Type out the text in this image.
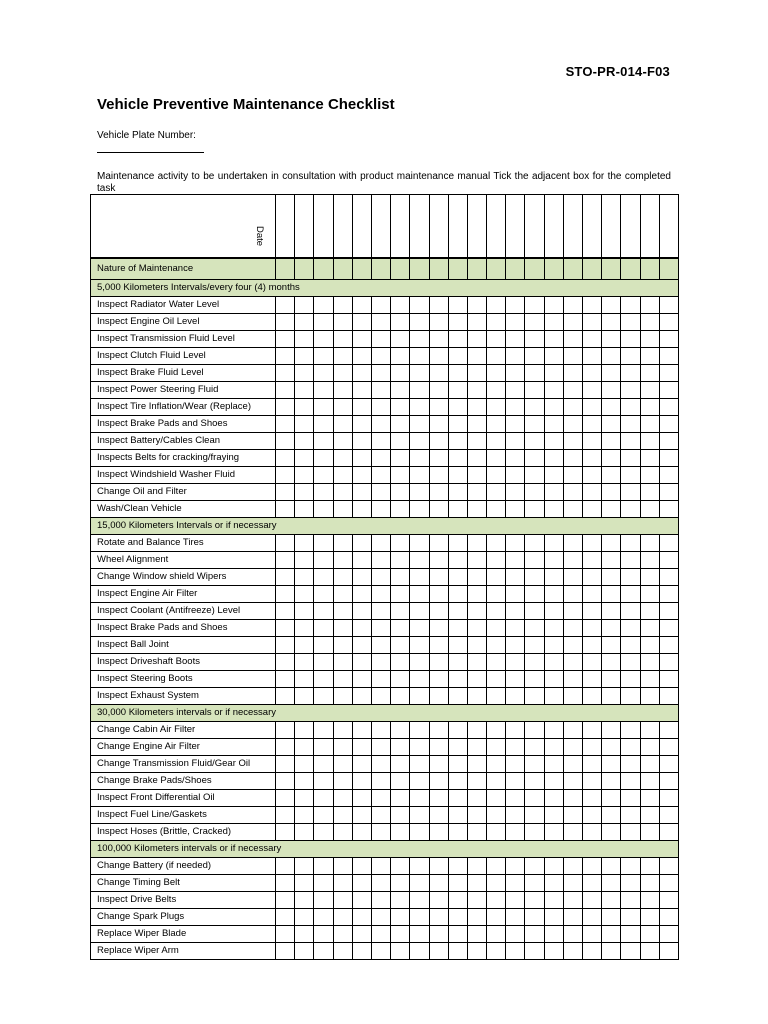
STO-PR-014-F03
Vehicle Preventive Maintenance Checklist
Vehicle Plate Number:
Maintenance activity to be undertaken in consultation with product maintenance manual Tick the adjacent box for the completed task
Date																					

Nature of Maintenance																					
5,000 Kilometers Intervals/every four (4) months																					
Inspect Radiator Water Level																					
Inspect Engine Oil Level																					
Inspect Transmission Fluid Level																					
Inspect Clutch Fluid Level																					
Inspect Brake Fluid Level																					
Inspect Power Steering Fluid																					
Inspect Tire Inflation/Wear (Replace)																					
Inspect Brake Pads and Shoes																					
Inspect Battery/Cables Clean																					
Inspects Belts for cracking/fraying																					
Inspect Windshield Washer Fluid																					
Change Oil and Filter																					
Wash/Clean Vehicle																					
15,000 Kilometers Intervals or if necessary																					
Rotate and Balance Tires																					
Wheel Alignment																					
Change Window shield Wipers																					
Inspect Engine Air Filter																					
Inspect Coolant (Antifreeze) Level																					
Inspect Brake Pads and Shoes																					
Inspect Ball Joint																					
Inspect Driveshaft Boots																					
Inspect Steering Boots																					
Inspect Exhaust System																					
30,000 Kilometers intervals or if necessary																					
Change Cabin Air Filter																					
Change Engine Air Filter																					
Change Transmission Fluid/Gear Oil																					
Change Brake Pads/Shoes																					
Inspect Front Differential Oil																					
Inspect Fuel Line/Gaskets																					
Inspect Hoses (Brittle, Cracked)																					
100,000 Kilometers intervals or if necessary																					
Change Battery (if needed)																					
Change Timing Belt																					
Inspect Drive Belts																					
Change Spark Plugs																					
Replace Wiper Blade																					
Replace Wiper Arm																					
